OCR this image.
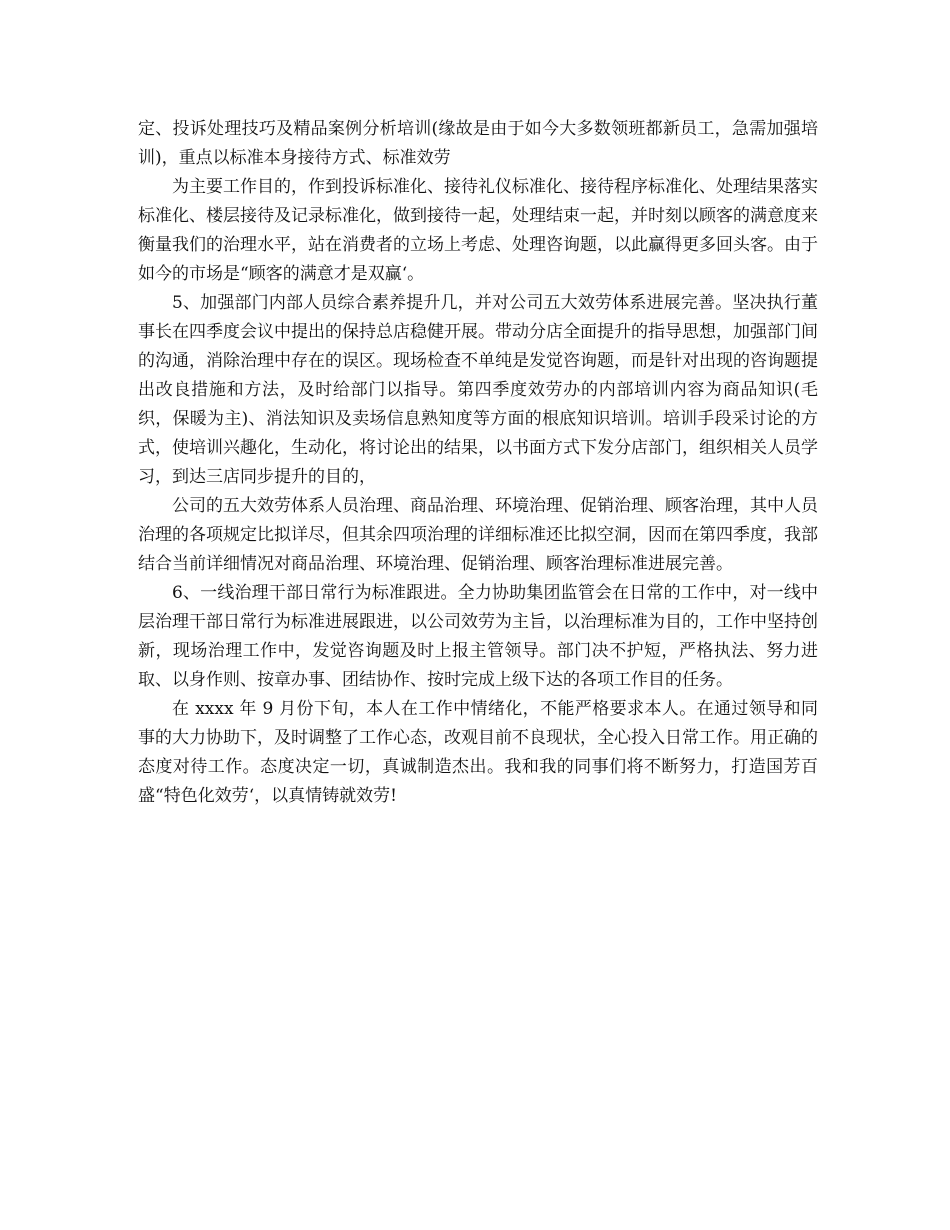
定、投诉处理技巧及精品案例分析培训(缘故是由于如今大多数领班都新员工，急需加强培训)，重点以标准本身接待方式、标准效劳

为主要工作目的，作到投诉标准化、接待礼仪标准化、接待程序标准化、处理结果落实标准化、楼层接待及记录标准化，做到接待一起，处理结束一起，并时刻以顾客的满意度来衡量我们的治理水平，站在消费者的立场上考虑、处理咨询题，以此赢得更多回头客。由于如今的市场是“顾客的满意才是双赢‘。

5、加强部门内部人员综合素养提升几，并对公司五大效劳体系进展完善。坚决执行董事长在四季度会议中提出的保持总店稳健开展。带动分店全面提升的指导思想，加强部门间的沟通，消除治理中存在的误区。现场检查不单纯是发觉咨询题，而是针对出现的咨询题提出改良措施和方法，及时给部门以指导。第四季度效劳办的内部培训内容为商品知识(毛织，保暖为主)、消法知识及卖场信息熟知度等方面的根底知识培训。培训手段采讨论的方式，使培训兴趣化，生动化，将讨论出的结果，以书面方式下发分店部门，组织相关人员学习，到达三店同步提升的目的，

公司的五大效劳体系人员治理、商品治理、环境治理、促销治理、顾客治理，其中人员治理的各项规定比拟详尽，但其余四项治理的详细标准还比拟空洞，因而在第四季度，我部结合当前详细情况对商品治理、环境治理、促销治理、顾客治理标准进展完善。

6、一线治理干部日常行为标准跟进。全力协助集团监管会在日常的工作中，对一线中层治理干部日常行为标准进展跟进，以公司效劳为主旨，以治理标准为目的，工作中坚持创新，现场治理工作中，发觉咨询题及时上报主管领导。部门决不护短，严格执法、努力进取、以身作则、按章办事、团结协作、按时完成上级下达的各项工作目的任务。

在 xxxx 年 9 月份下旬，本人在工作中情绪化，不能严格要求本人。在通过领导和同事的大力协助下，及时调整了工作心态，改观目前不良现状，全心投入日常工作。用正确的态度对待工作。态度决定一切，真诚制造杰出。我和我的同事们将不断努力，打造国芳百盛“特色化效劳‘，以真情铸就效劳!
